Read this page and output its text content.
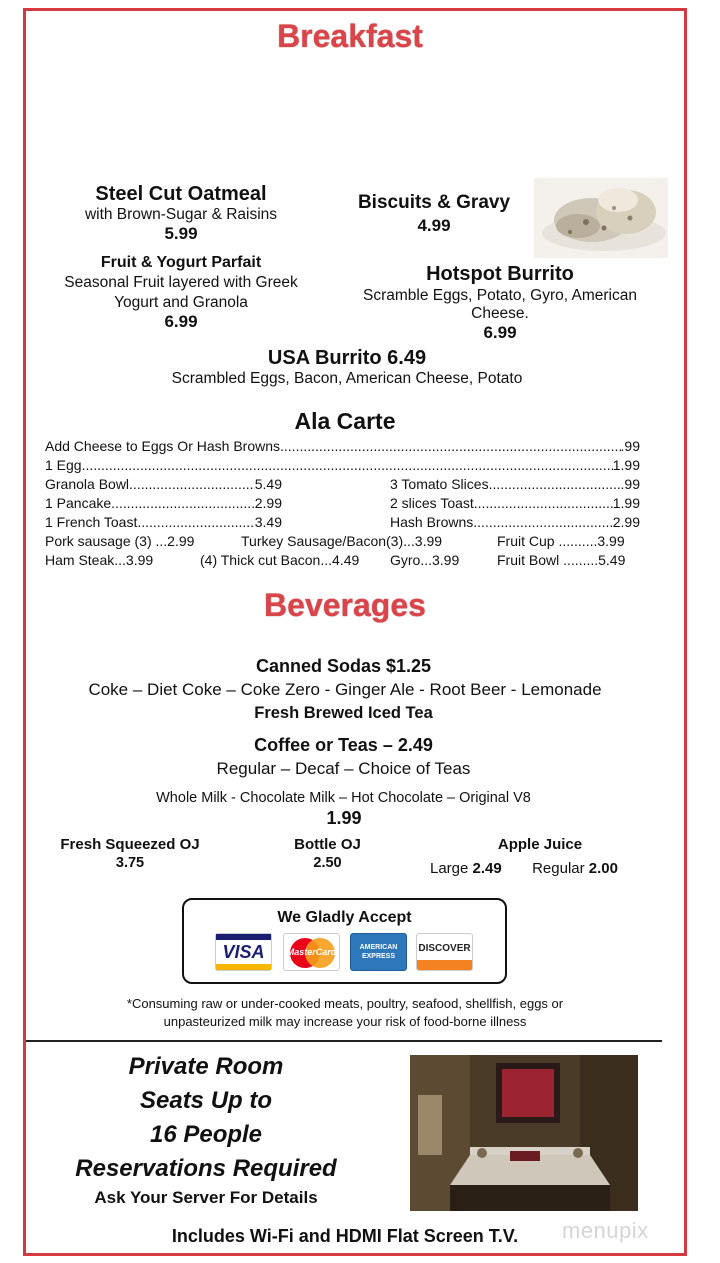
Breakfast
Steel Cut Oatmeal
with Brown-Sugar & Raisins
5.99
Biscuits & Gravy
4.99
Fruit & Yogurt Parfait
Seasonal Fruit layered with Greek
Yogurt and Granola
6.99
Hotspot Burrito
Scramble Eggs, Potato, Gyro, American
Cheese.
6.99
USA Burrito 6.49
Scrambled Eggs, Bacon, American Cheese, Potato
Ala Carte
Add Cheese to Eggs Or Hash Browns .....	.99
1 Egg .....	1.99
Granola Bowl .....	5.49	3 Tomato Slices .....	.99
1 Pancake .....	2.99	2 slices Toast .....	1.99
1 French Toast .....	3.49	Hash Browns .....	2.99
Pork sausage (3) ...2.99	Turkey Sausage/Bacon(3)...3.99	Fruit Cup ..........3.99
Ham Steak...3.99	(4) Thick cut Bacon...4.49 Gyro...3.99	Fruit Bowl .........5.49
Beverages
Canned Sodas $1.25
Coke – Diet Coke – Coke Zero - Ginger Ale - Root Beer - Lemonade
Fresh Brewed Iced Tea
Coffee or Teas – 2.49
Regular – Decaf – Choice of Teas
Whole Milk - Chocolate Milk – Hot Chocolate – Original V8
1.99
Fresh Squeezed OJ
3.75
Bottle OJ
2.50
Apple Juice
Large 2.49 Regular 2.00
We Gladly Accept
VISA	MasterCard	AMERICAN EXPRESS
DISCOVER
*Consuming raw or under-cooked meats, poultry, seafood, shellfish, eggs or
unpasteurized milk may increase your risk of food-borne illness
Private Room
Seats Up to
16 People
Reservations Required
Ask Your Server For Details
Includes Wi-Fi and HDMI Flat Screen T.V.	menupix
